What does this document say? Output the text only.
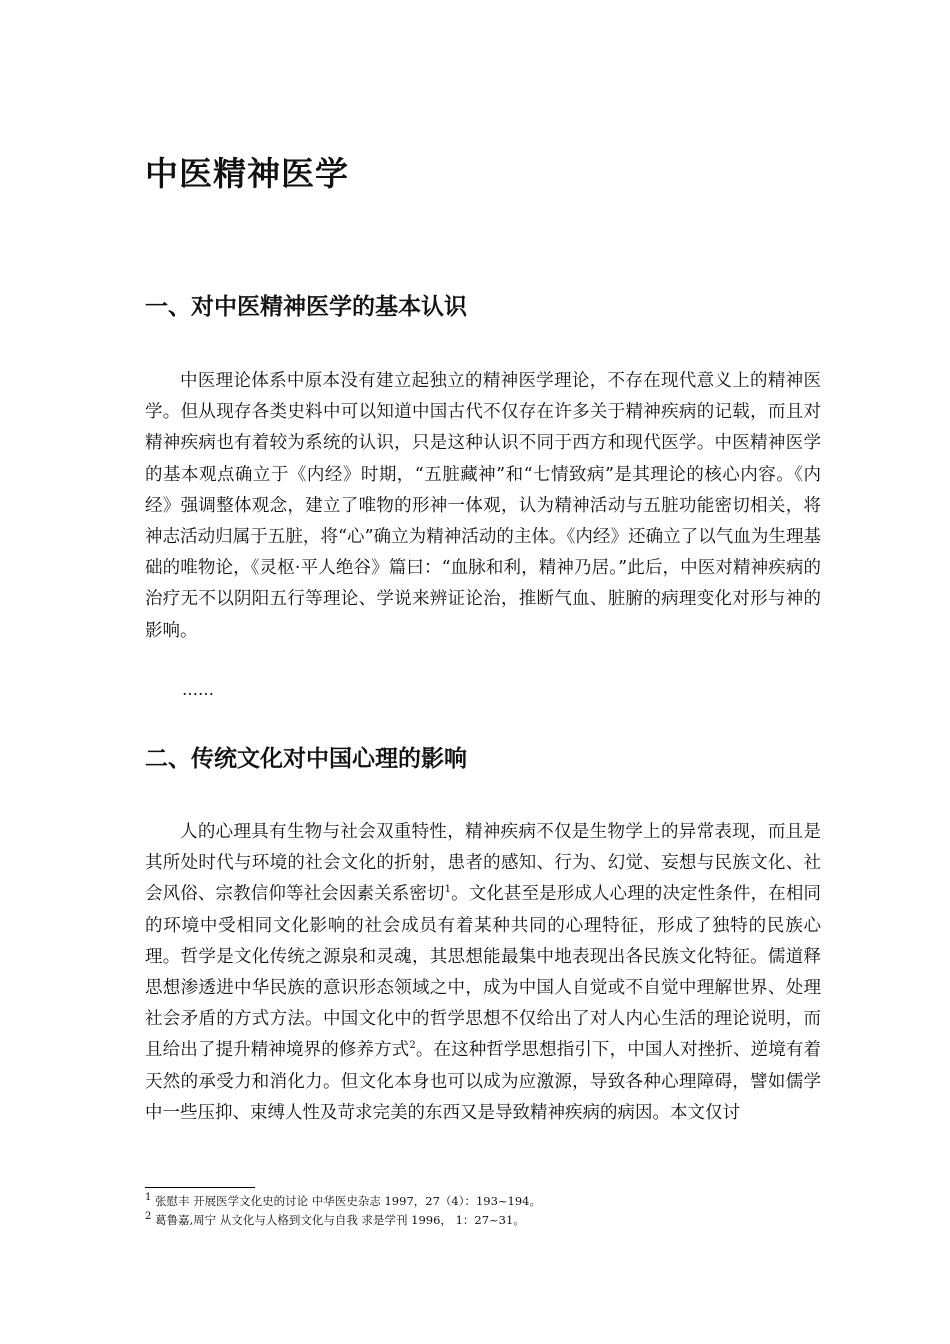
中医精神医学
一、对中医精神医学的基本认识

中医理论体系中原本没有建立起独立的精神医学理论，不存在现代意义上的精神医学。但从现存各类史料中可以知道中国古代不仅存在许多关于精神疾病的记载，而且对精神疾病也有着较为系统的认识，只是这种认识不同于西方和现代医学。中医精神医学的基本观点确立于《内经》时期，“五脏藏神”和“七情致病”是其理论的核心内容。《内经》强调整体观念，建立了唯物的形神一体观，认为精神活动与五脏功能密切相关，将神志活动归属于五脏，将“心”确立为精神活动的主体。《内经》还确立了以气血为生理基础的唯物论，《灵枢·平人绝谷》篇曰：“血脉和利，精神乃居。”此后，中医对精神疾病的治疗无不以阴阳五行等理论、学说来辨证论治，推断气血、脏腑的病理变化对形与神的影响。

……
二、传统文化对中国心理的影响

人的心理具有生物与社会双重特性，精神疾病不仅是生物学上的异常表现，而且是其所处时代与环境的社会文化的折射，患者的感知、行为、幻觉、妄想与民族文化、社会风俗、宗教信仰等社会因素关系密切$^1$。文化甚至是形成人心理的决定性条件，在相同的环境中受相同文化影响的社会成员有着某种共同的心理特征，形成了独特的民族心理。哲学是文化传统之源泉和灵魂，其思想能最集中地表现出各民族文化特征。儒道释思想渗透进中华民族的意识形态领域之中，成为中国人自觉或不自觉中理解世界、处理社会矛盾的方式方法。中国文化中的哲学思想不仅给出了对人内心生活的理论说明，而且给出了提升精神境界的修养方式$^2$。在这种哲学思想指引下，中国人对挫折、逆境有着天然的承受力和消化力。但文化本身也可以成为应激源，导致各种心理障碍，譬如儒学中一些压抑、束缚人性及苛求完美的东西又是导致精神疾病的病因。本文仅讨

$^1$ 张慰丰 开展医学文化史的讨论 中华医史杂志 1997，27（4）：193~194。
$^2$ 葛鲁嘉,周宁 从文化与人格到文化与自我 求是学刊 1996， 1：27~31。
